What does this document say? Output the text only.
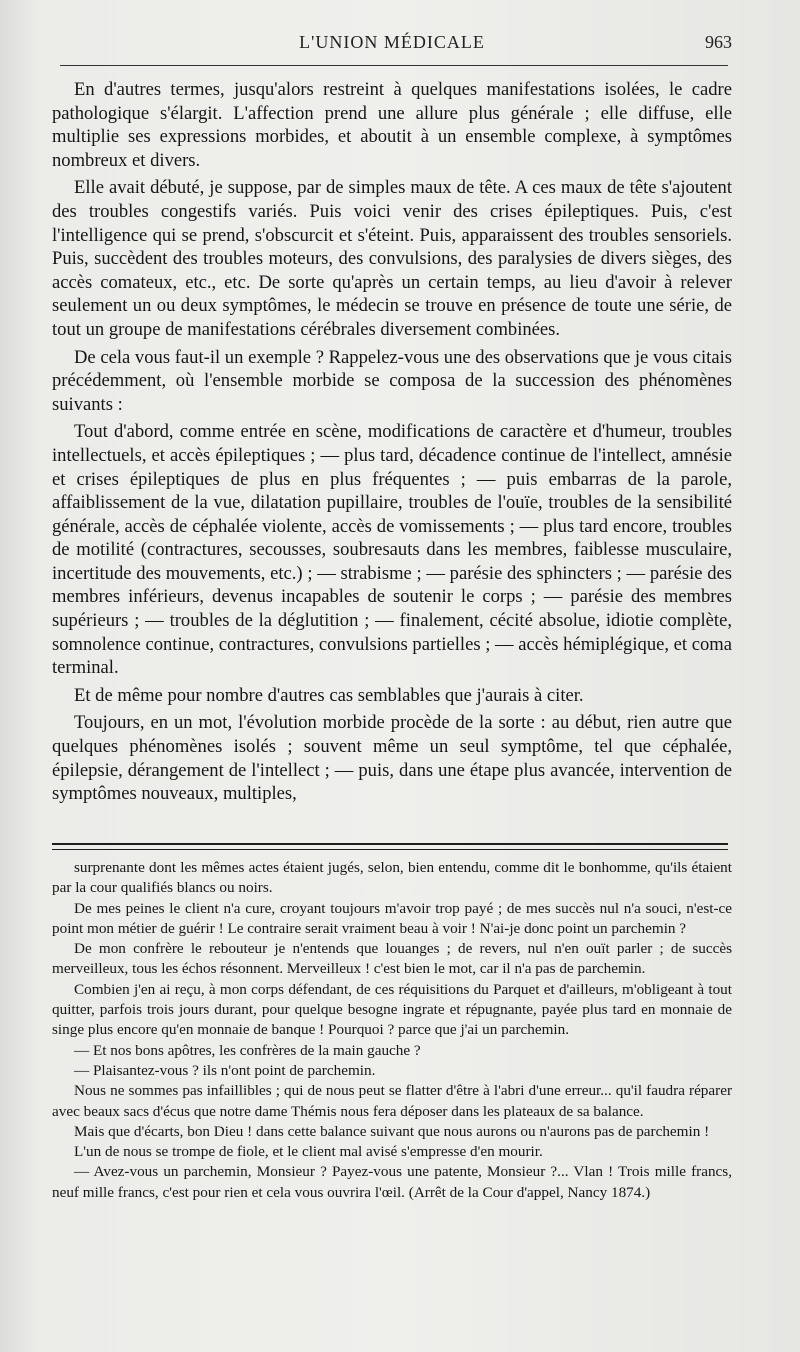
L'UNION MÉDICALE	963

En d'autres termes, jusqu'alors restreint à quelques manifestations isolées, le cadre pathologique s'élargit. L'affection prend une allure plus générale ; elle diffuse, elle multiplie ses expressions morbides, et aboutit à un ensemble complexe, à symptômes nombreux et divers.

Elle avait débuté, je suppose, par de simples maux de tête. A ces maux de tête s'ajoutent des troubles congestifs variés. Puis voici venir des crises épileptiques. Puis, c'est l'intelligence qui se prend, s'obscurcit et s'éteint. Puis, apparaissent des troubles sensoriels. Puis, succèdent des troubles moteurs, des convulsions, des paralysies de divers sièges, des accès comateux, etc., etc. De sorte qu'après un certain temps, au lieu d'avoir à relever seulement un ou deux symptômes, le médecin se trouve en présence de toute une série, de tout un groupe de manifestations cérébrales diversement combinées.

De cela vous faut-il un exemple ? Rappelez-vous une des observations que je vous citais précédemment, où l'ensemble morbide se composa de la succession des phénomènes suivants :

Tout d'abord, comme entrée en scène, modifications de caractère et d'humeur, troubles intellectuels, et accès épileptiques ; — plus tard, décadence continue de l'intellect, amnésie et crises épileptiques de plus en plus fréquentes ; — puis embarras de la parole, affaiblissement de la vue, dilatation pupillaire, troubles de l'ouïe, troubles de la sensibilité générale, accès de céphalée violente, accès de vomissements ; — plus tard encore, troubles de motilité (contractures, secousses, soubresauts dans les membres, faiblesse musculaire, incertitude des mouvements, etc.) ; — strabisme ; — parésie des sphincters ; — parésie des membres inférieurs, devenus incapables de soutenir le corps ; — parésie des membres supérieurs ; — troubles de la déglutition ; — finalement, cécité absolue, idiotie complète, somnolence continue, contractures, convulsions partielles ; — accès hémiplégique, et coma terminal.

Et de même pour nombre d'autres cas semblables que j'aurais à citer.

Toujours, en un mot, l'évolution morbide procède de la sorte : au début, rien autre que quelques phénomènes isolés ; souvent même un seul symptôme, tel que céphalée, épilepsie, dérangement de l'intellect ; — puis, dans une étape plus avancée, intervention de symptômes nouveaux, multiples,

surprenante dont les mêmes actes étaient jugés, selon, bien entendu, comme dit le bonhomme, qu'ils étaient par la cour qualifiés blancs ou noirs.

De mes peines le client n'a cure, croyant toujours m'avoir trop payé ; de mes succès nul n'a souci, n'est-ce point mon métier de guérir ! Le contraire serait vraiment beau à voir ! N'ai-je donc point un parchemin ?

De mon confrère le rebouteur je n'entends que louanges ; de revers, nul n'en ouït parler ; de succès merveilleux, tous les échos résonnent. Merveilleux ! c'est bien le mot, car il n'a pas de parchemin.

Combien j'en ai reçu, à mon corps défendant, de ces réquisitions du Parquet et d'ailleurs, m'obligeant à tout quitter, parfois trois jours durant, pour quelque besogne ingrate et répugnante, payée plus tard en monnaie de singe plus encore qu'en monnaie de banque ! Pourquoi ? parce que j'ai un parchemin.

— Et nos bons apôtres, les confrères de la main gauche ?

— Plaisantez-vous ? ils n'ont point de parchemin.

Nous ne sommes pas infaillibles ; qui de nous peut se flatter d'être à l'abri d'une erreur... qu'il faudra réparer avec beaux sacs d'écus que notre dame Thémis nous fera déposer dans les plateaux de sa balance.

Mais que d'écarts, bon Dieu ! dans cette balance suivant que nous aurons ou n'aurons pas de parchemin !

L'un de nous se trompe de fiole, et le client mal avisé s'empresse d'en mourir.

— Avez-vous un parchemin, Monsieur ? Payez-vous une patente, Monsieur ?... Vlan ! Trois mille francs, neuf mille francs, c'est pour rien et cela vous ouvrira l'œil. (Arrêt de la Cour d'appel, Nancy 1874.)
